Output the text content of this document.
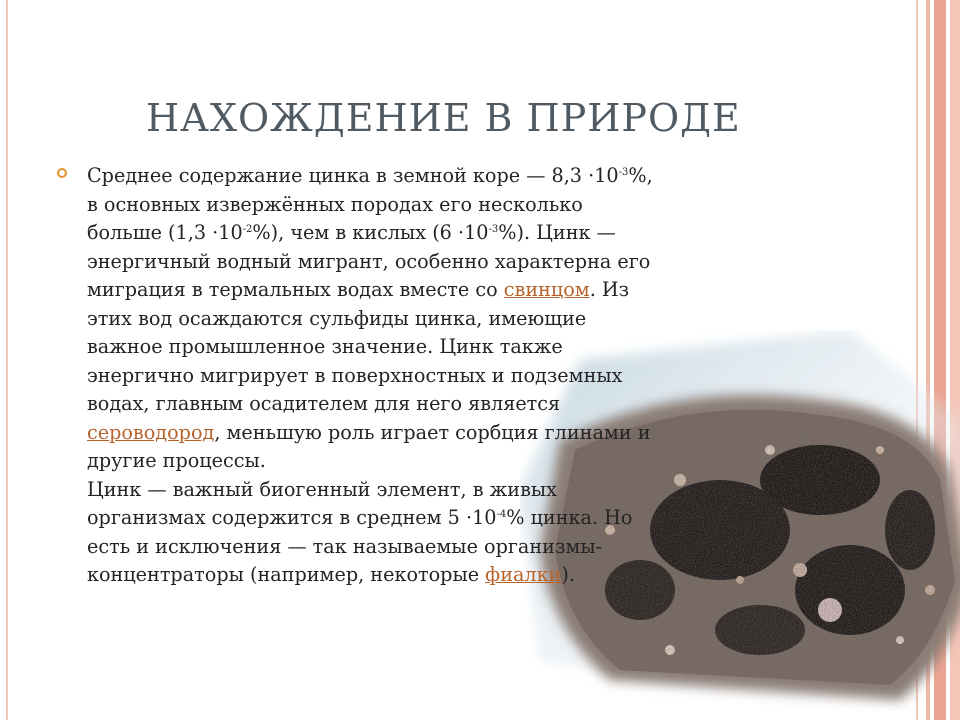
НАХОЖДЕНИЕ В ПРИРОДЕ
Среднее содержание цинка в земной коре — $8,3 \cdot 10^{-3}\%$,
в основных извержённых породах его несколько
больше $(1,3 \cdot 10^{-2}\%)$, чем в кислых $(6 \cdot 10^{-3}\%)$. Цинк —
энергичный водный мигрант, особенно характерна его
миграция в термальных водах вместе со свинцом. Из
этих вод осаждаются сульфиды цинка, имеющие
важное промышленное значение. Цинк также
энергично мигрирует в поверхностных и подземных
водах, главным осадителем для него является
сероводород, меньшую роль играет сорбция глинами и
другие процессы.
Цинк — важный биогенный элемент, в живых
организмах содержится в среднем $5 \cdot 10^{-4}\%$ цинка. Но
есть и исключения — так называемые организмы-
концентраторы (например, некоторые фиалки).
